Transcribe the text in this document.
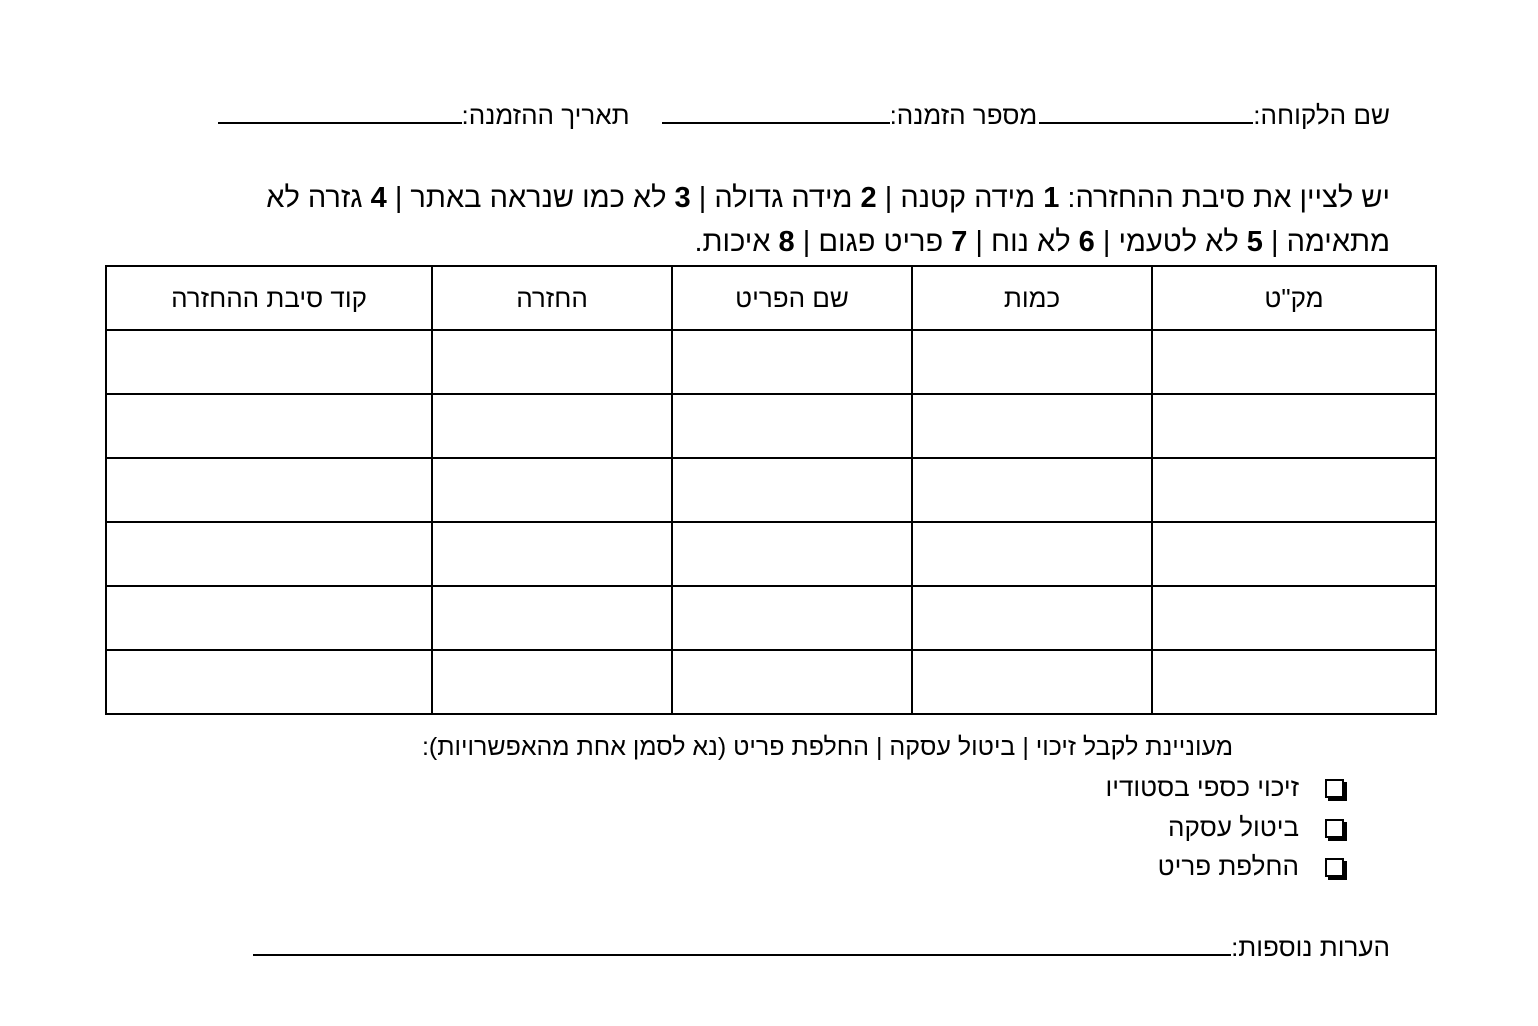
שם הלקוחה:מספר הזמנה:תאריך ההזמנה:
יש לציין את סיבת ההחזרה: 1 מידה קטנה | 2 מידה גדולה | 3 לא כמו שנראה באתר | 4 גזרה לא מתאימה | 5 לא לטעמי | 6 לא נוח | 7 פריט פגום | 8 איכות.
מק"ט	כמות	שם הפריט	החזרה	קוד סיבת ההחזרה

מעוניינת לקבל זיכוי | ביטול עסקה | החלפת פריט (נא לסמן אחת מהאפשרויות):
זיכוי כספי בסטודיו
ביטול עסקה
החלפת פריט
הערות נוספות:
